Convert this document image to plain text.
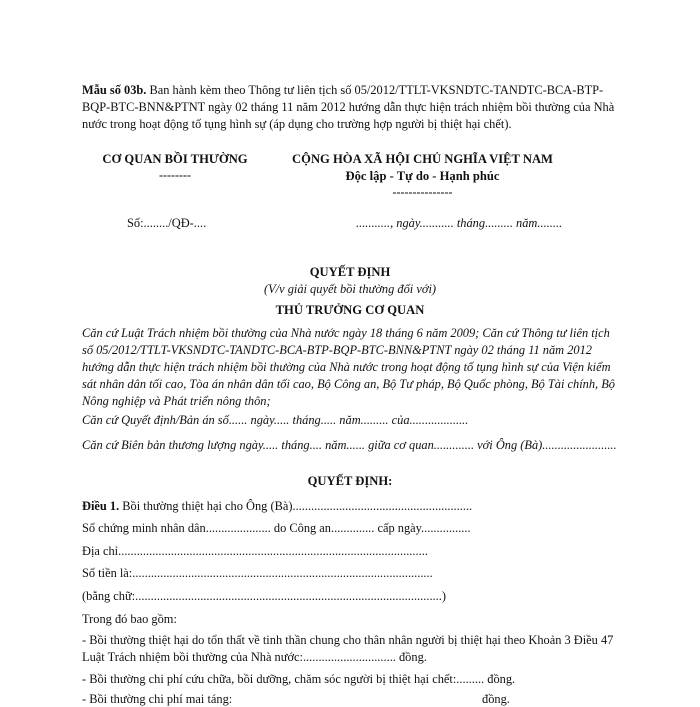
Mẫu số 03b. Ban hành kèm theo Thông tư liên tịch số 05/2012/TTLT-VKSNDTC-TANDTC-BCA-BTP-BQP-BTC-BNN&PTNT ngày 02 tháng 11 năm 2012 hướng dẫn thực hiện trách nhiệm bồi thường của Nhà nước trong hoạt động tố tụng hình sự (áp dụng cho trường hợp người bị thiệt hại chết).
CƠ QUAN BỒI THƯỜNG
--------
CỘNG HÒA XÃ HỘI CHỦ NGHĨA VIỆT NAM
Độc lập - Tự do - Hạnh phúc
---------------
Số:......../QĐ-....	..........., ngày........... tháng......... năm........
QUYẾT ĐỊNH
(V/v giải quyết bồi thường đối với)
THỦ TRƯỞNG CƠ QUAN
Căn cứ Luật Trách nhiệm bồi thường của Nhà nước ngày 18 tháng 6 năm 2009; Căn cứ Thông tư liên tịch số 05/2012/TTLT-VKSNDTC-TANDTC-BCA-BTP-BQP-BTC-BNN&PTNT ngày 02 tháng 11 năm 2012 hướng dẫn thực hiện trách nhiệm bồi thường của Nhà nước trong hoạt động tố tụng hình sự của Viện kiểm sát nhân dân tối cao, Tòa án nhân dân tối cao, Bộ Công an, Bộ Tư pháp, Bộ Quốc phòng, Bộ Tài chính, Bộ Nông nghiệp và Phát triển nông thôn;
Căn cứ Quyết định/Bản án số...... ngày..... tháng..... năm......... của...................
Căn cứ Biên bản thương lượng ngày..... tháng.... năm...... giữa cơ quan............. với Ông (Bà)........................
QUYẾT ĐỊNH:
Điều 1. Bồi thường thiệt hại cho Ông (Bà)..........................................................
Số chứng minh nhân dân..................... do Công an.............. cấp ngày................
Địa chỉ....................................................................................................
Số tiền là:.................................................................................................
(bằng chữ:...................................................................................................)
Trong đó bao gồm:
- Bồi thường thiệt hại do tổn thất về tinh thần chung cho thân nhân người bị thiệt hại theo Khoản 3 Điều 47 Luật Trách nhiệm bồi thường của Nhà nước:.............................. đồng.
- Bồi thường chi phí cứu chữa, bồi dưỡng, chăm sóc người bị thiệt hại chết:......... đồng.
- Bồi thường chi phí mai táng:	đồng.
